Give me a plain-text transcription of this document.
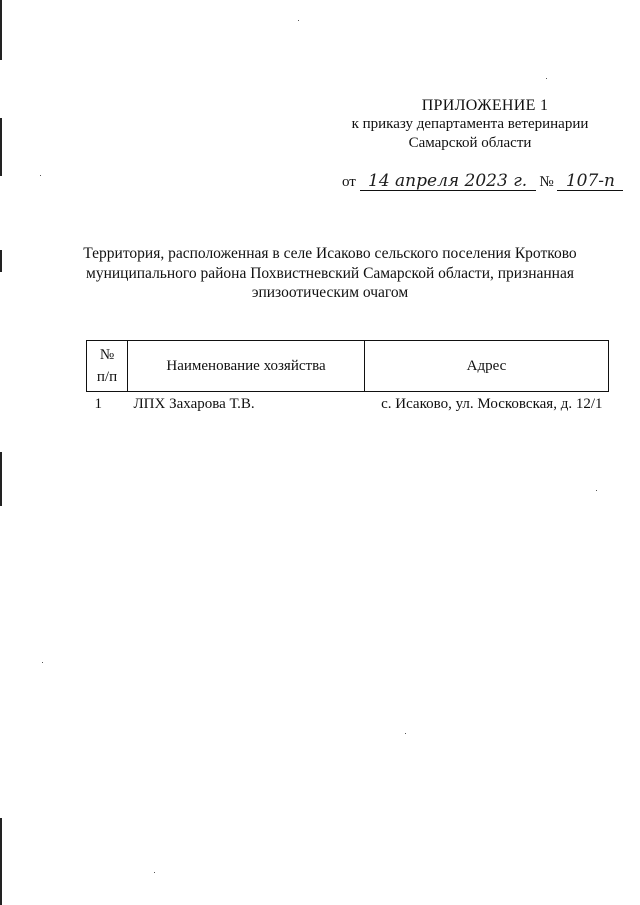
ПРИЛОЖЕНИЕ 1
к приказу департамента ветеринарии
Самарской области
от 14 апреля 2023 г. № 107-п
Территория, расположенная в селе Исаково сельского поселения Кротково
муниципального района Похвистневский Самарской области, признанная
эпизоотическим очагом
№
п/п	Наименование хозяйства	Адрес
1	ЛПХ Захарова Т.В.	с. Исаково, ул. Московская, д. 12/1
